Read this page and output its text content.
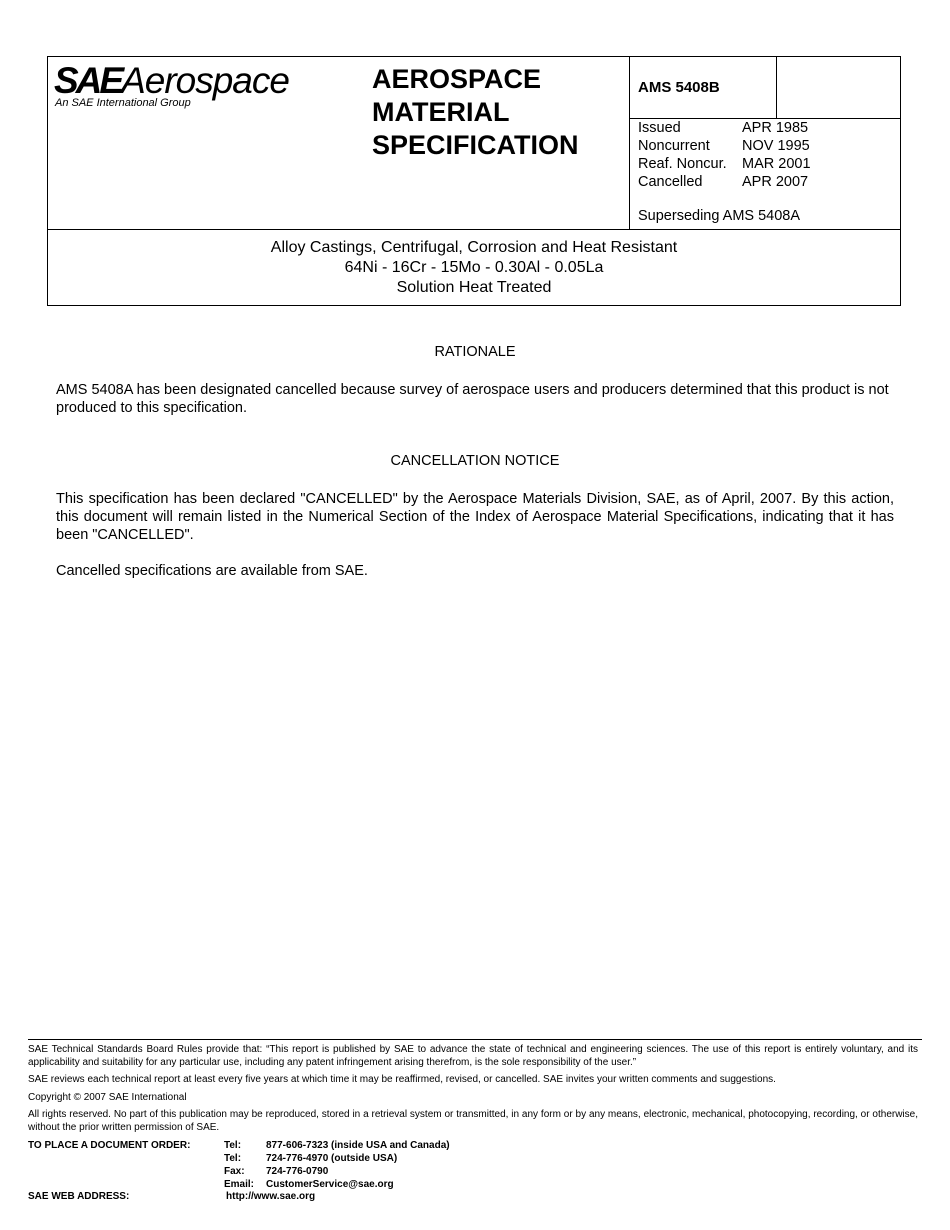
SAEAerospace
An SAE International Group
AEROSPACE
MATERIAL
SPECIFICATION
AMS 5408B
Issued	APR 1985
Noncurrent	NOV 1995
Reaf. Noncur.	MAR 2001
Cancelled	APR 2007
Superseding AMS 5408A
Alloy Castings, Centrifugal, Corrosion and Heat Resistant
64Ni - 16Cr - 15Mo - 0.30Al - 0.05La
Solution Heat Treated
RATIONALE
AMS 5408A has been designated cancelled because survey of aerospace users and producers determined that this product is not produced to this specification.
CANCELLATION NOTICE
This specification has been declared "CANCELLED" by the Aerospace Materials Division, SAE, as of April, 2007. By this action, this document will remain listed in the Numerical Section of the Index of Aerospace Material Specifications, indicating that it has been "CANCELLED".
Cancelled specifications are available from SAE.
SAE Technical Standards Board Rules provide that: “This report is published by SAE to advance the state of technical and engineering sciences. The use of this report is entirely voluntary, and its applicability and suitability for any particular use, including any patent infringement arising therefrom, is the sole responsibility of the user.”
SAE reviews each technical report at least every five years at which time it may be reaffirmed, revised, or cancelled. SAE invites your written comments and suggestions.
Copyright © 2007 SAE International
All rights reserved. No part of this publication may be reproduced, stored in a retrieval system or transmitted, in any form or by any means, electronic, mechanical, photocopying, recording, or otherwise, without the prior written permission of SAE.
TO PLACE A DOCUMENT ORDER:	Tel:	877-606-7323 (inside USA and Canada)
Tel:	724-776-4970 (outside USA)
Fax:	724-776-0790
Email:	CustomerService@sae.org
SAE WEB ADDRESS:	http://www.sae.org
